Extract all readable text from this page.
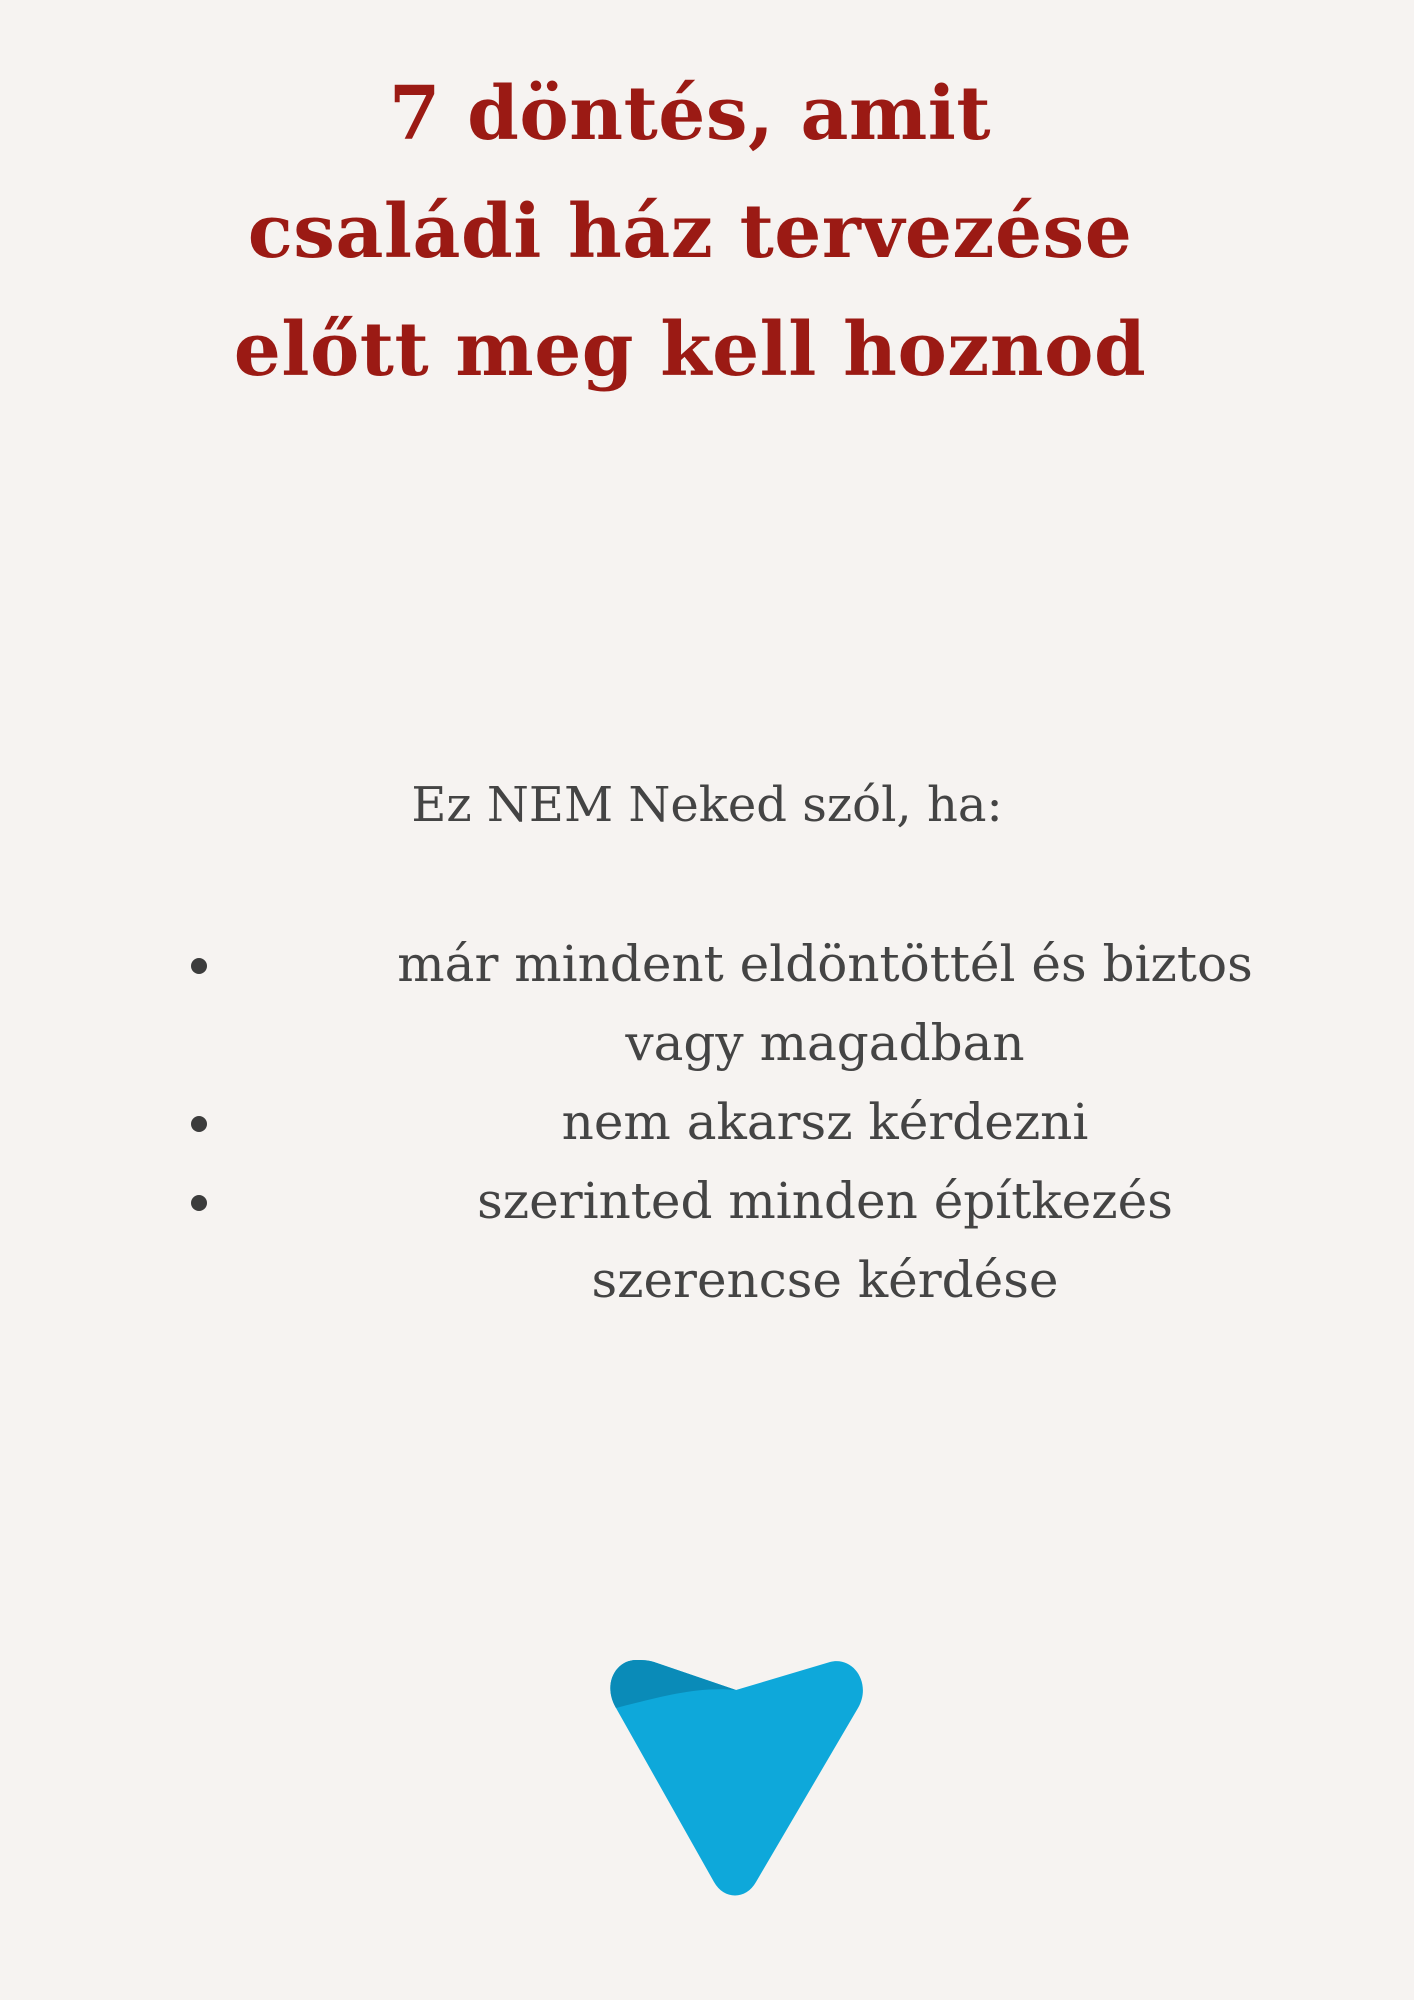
7 döntés, amit
családi ház tervezése
előtt meg kell hoznod

Ez NEM Neked szól, ha:

már mindent eldöntöttél és biztos
vagy magadban
nem akarsz kérdezni
szerinted minden építkezés
szerencse kérdése
